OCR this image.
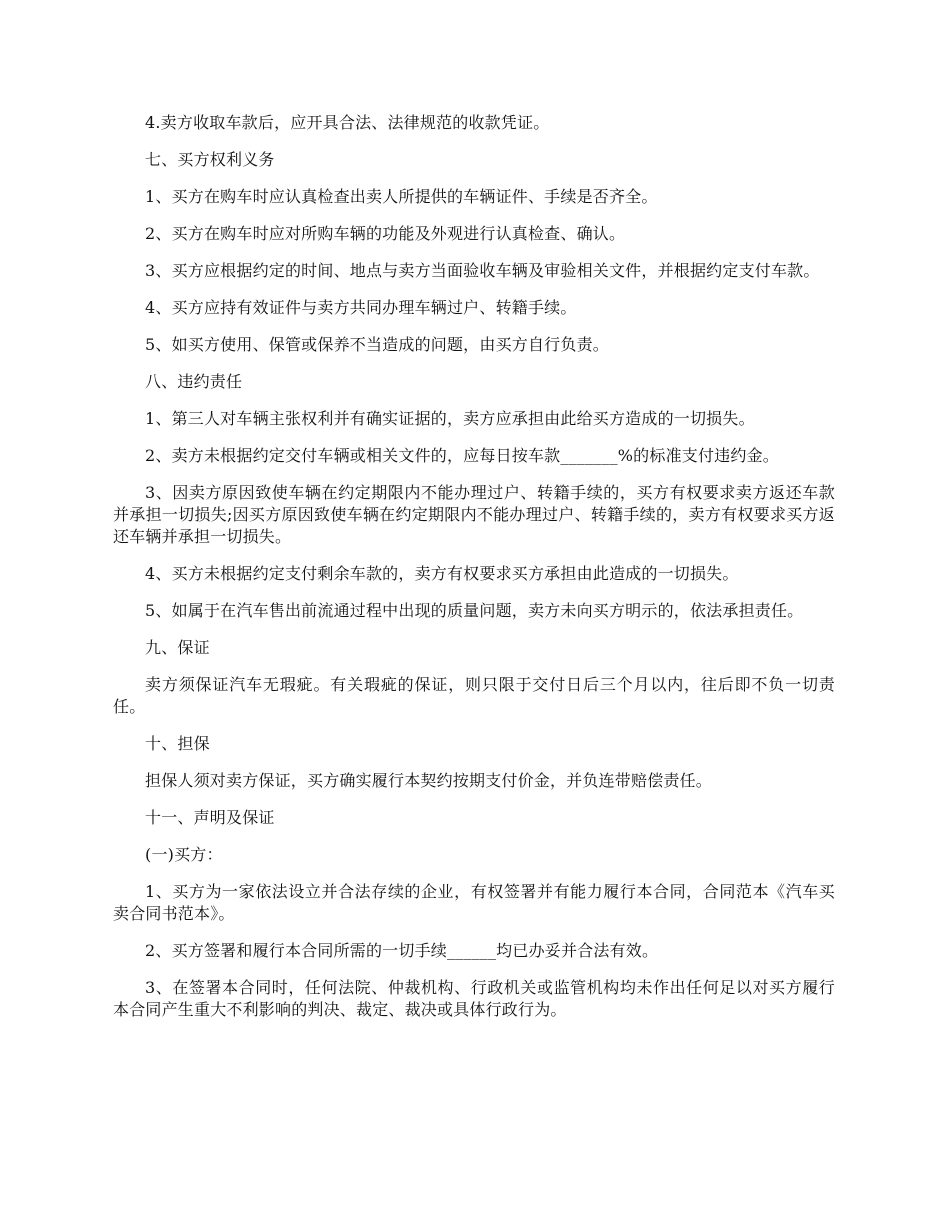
4.卖方收取车款后，应开具合法、法律规范的收款凭证。

七、买方权利义务

1、买方在购车时应认真检查出卖人所提供的车辆证件、手续是否齐全。

2、买方在购车时应对所购车辆的功能及外观进行认真检查、确认。

3、买方应根据约定的时间、地点与卖方当面验收车辆及审验相关文件，并根据约定支付车款。

4、买方应持有效证件与卖方共同办理车辆过户、转籍手续。

5、如买方使用、保管或保养不当造成的问题，由买方自行负责。

八、违约责任

1、第三人对车辆主张权利并有确实证据的，卖方应承担由此给买方造成的一切损失。

2、卖方未根据约定交付车辆或相关文件的，应每日按车款_______%的标准支付违约金。

3、因卖方原因致使车辆在约定期限内不能办理过户、转籍手续的，买方有权要求卖方返还车款并承担一切损失;因买方原因致使车辆在约定期限内不能办理过户、转籍手续的，卖方有权要求买方返还车辆并承担一切损失。

4、买方未根据约定支付剩余车款的，卖方有权要求买方承担由此造成的一切损失。

5、如属于在汽车售出前流通过程中出现的质量问题，卖方未向买方明示的，依法承担责任。

九、保证

卖方须保证汽车无瑕疵。有关瑕疵的保证，则只限于交付日后三个月以内，往后即不负一切责任。

十、担保

担保人须对卖方保证，买方确实履行本契约按期支付价金，并负连带赔偿责任。

十一、声明及保证

(一)买方：

1、买方为一家依法设立并合法存续的企业，有权签署并有能力履行本合同，合同范本《汽车买卖合同书范本》。

2、买方签署和履行本合同所需的一切手续______均已办妥并合法有效。

3、在签署本合同时，任何法院、仲裁机构、行政机关或监管机构均未作出任何足以对买方履行本合同产生重大不利影响的判决、裁定、裁决或具体行政行为。
